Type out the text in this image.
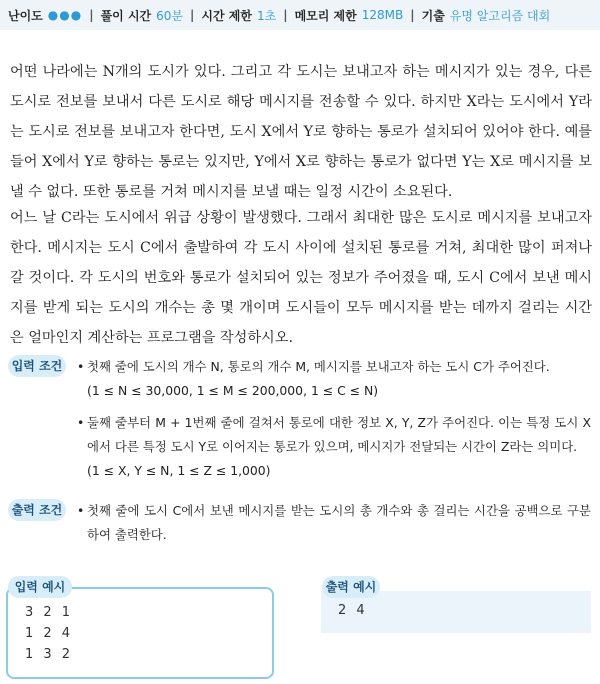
난이도 ●●● | 풀이 시간 60분 | 시간 제한 1초 | 메모리 제한 128MB | 기출 유명 알고리즘 대회

어떤 나라에는 N개의 도시가 있다. 그리고 각 도시는 보내고자 하는 메시지가 있는 경우, 다른 도시로 전보를 보내서 다른 도시로 해당 메시지를 전송할 수 있다. 하지만 X라는 도시에서 Y라는 도시로 전보를 보내고자 한다면, 도시 X에서 Y로 향하는 통로가 설치되어 있어야 한다. 예를 들어 X에서 Y로 향하는 통로는 있지만, Y에서 X로 향하는 통로가 없다면 Y는 X로 메시지를 보낼 수 없다. 또한 통로를 거쳐 메시지를 보낼 때는 일정 시간이 소요된다.

어느 날 C라는 도시에서 위급 상황이 발생했다. 그래서 최대한 많은 도시로 메시지를 보내고자 한다. 메시지는 도시 C에서 출발하여 각 도시 사이에 설치된 통로를 거쳐, 최대한 많이 퍼져나갈 것이다. 각 도시의 번호와 통로가 설치되어 있는 정보가 주어졌을 때, 도시 C에서 보낸 메시지를 받게 되는 도시의 개수는 총 몇 개이며 도시들이 모두 메시지를 받는 데까지 걸리는 시간은 얼마인지 계산하는 프로그램을 작성하시오.

입력 조건	• 첫째 줄에 도시의 개수 N, 통로의 개수 M, 메시지를 보내고자 하는 도시 C가 주어진다.
(1 ≤ N ≤ 30,000, 1 ≤ M ≤ 200,000, 1 ≤ C ≤ N)
• 둘째 줄부터 M + 1번째 줄에 걸쳐서 통로에 대한 정보 X, Y, Z가 주어진다. 이는 특정 도시 X에서 다른 특정 도시 Y로 이어지는 통로가 있으며, 메시지가 전달되는 시간이 Z라는 의미다.
(1 ≤ X, Y ≤ N, 1 ≤ Z ≤ 1,000)
출력 조건	• 첫째 줄에 도시 C에서 보낸 메시지를 받는 도시의 총 개수와 총 걸리는 시간을 공백으로 구분하여 출력한다.
입력 예시
3 2 1
1 2 4
1 3 2
출력 예시
2 4
